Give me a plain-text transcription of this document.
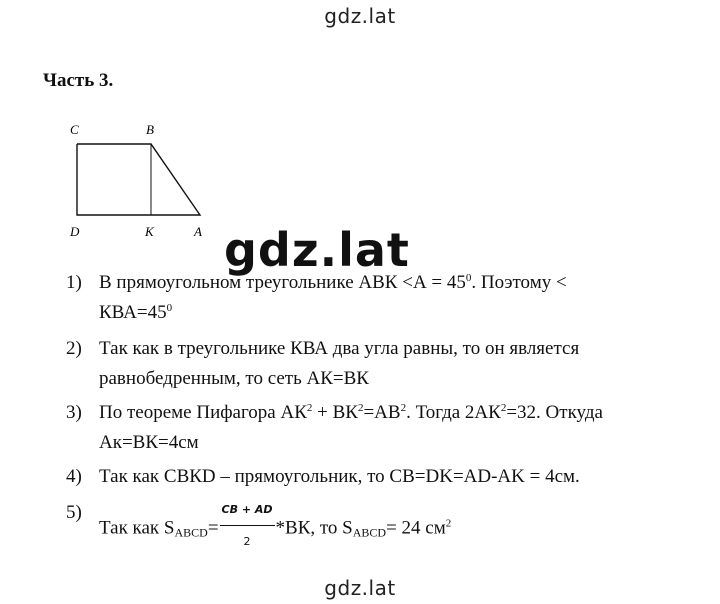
gdz.lat
Часть 3.
C	B
D	K	A gdz.lat
1) В прямоугольном треугольнике АВК $<А = 45^0$. Поэтому <
$КВА=45^0$
2) Так как в треугольнике КВА два угла равны, то он является
равнобедренным, то сеть АК=ВК
3) По теореме Пифагора $АК^2 + ВК^2=АВ^2$. Тогда $2АК^2=32$. Откуда
Ак=ВК=4см
4) Так как СВКD – прямоугольник, то СВ=DK=AD-AK = 4см.
5)
Так как $S_{ABCD}= \frac{CB + AD}{2} *ВК$, то $S_{ABCD}= 24$ $см^2$
gdz.lat
